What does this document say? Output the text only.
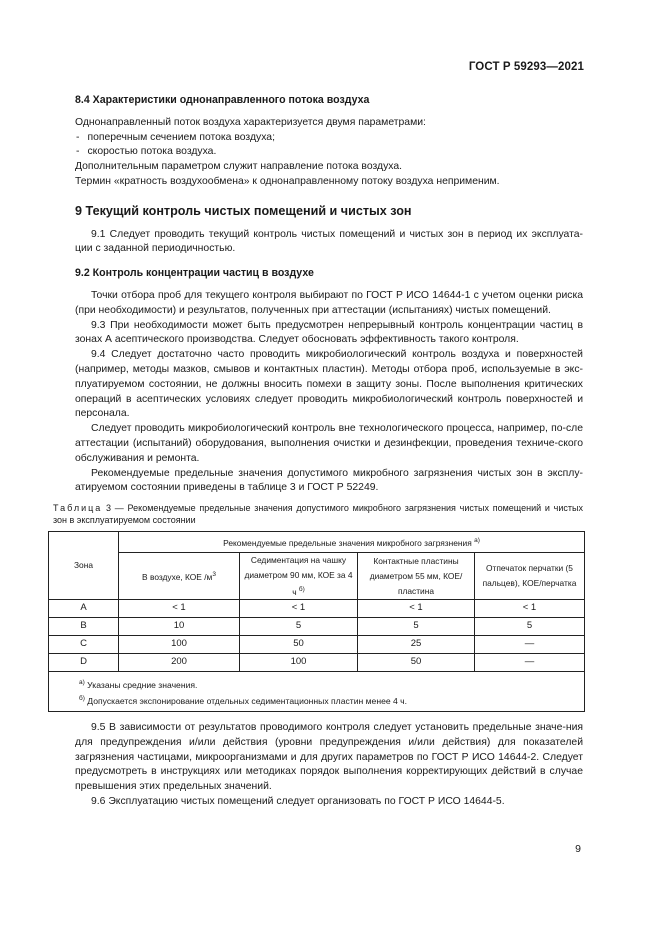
ГОСТ Р 59293—2021

8.4 Характеристики однонаправленного потока воздуха

Однонаправленный поток воздуха характеризуется двумя параметрами:

- поперечным сечением потока воздуха;

- скоростью потока воздуха.

Дополнительным параметром служит направление потока воздуха.

Термин «кратность воздухообмена» к однонаправленному потоку воздуха неприменим.

9 Текущий контроль чистых помещений и чистых зон

9.1 Следует проводить текущий контроль чистых помещений и чистых зон в период их эксплуата-ции с заданной периодичностью.

9.2 Контроль концентрации частиц в воздухе

Точки отбора проб для текущего контроля выбирают по ГОСТ Р ИСО 14644-1 с учетом оценки риска (при необходимости) и результатов, полученных при аттестации (испытаниях) чистых помещений.

9.3 При необходимости может быть предусмотрен непрерывный контроль концентрации частиц в зонах А асептического производства. Следует обосновать эффективность такого контроля.

9.4 Следует достаточно часто проводить микробиологический контроль воздуха и поверхностей (например, методы мазков, смывов и контактных пластин). Методы отбора проб, используемые в экс-плуатируемом состоянии, не должны вносить помехи в защиту зоны. После выполнения критических операций в асептических условиях следует проводить микробиологический контроль поверхностей и персонала.

Следует проводить микробиологический контроль вне технологического процесса, например, по-сле аттестации (испытаний) оборудования, выполнения очистки и дезинфекции, проведения техниче-ского обслуживания и ремонта.

Рекомендуемые предельные значения допустимого микробного загрязнения чистых зон в эксплу-атируемом состоянии приведены в таблице 3 и ГОСТ Р 52249.

Таблица 3 — Рекомендуемые предельные значения допустимого микробного загрязнения чистых помещений и чистых зон в эксплуатируемом состоянии

Зона	Рекомендуемые предельные значения микробного загрязнения $^{а)}$
	В воздухе, КОЕ $/м^3$	Седиментация на чашку диаметром 90 мм, КОЕ за 4 ч $^{б)}$	Контактные пластины диаметром 55 мм, КОЕ/пластина	Отпечаток перчатки (5 пальцев), КОЕ/перчатка
А	< 1	< 1	< 1	< 1
В	10	5	5	5
С	100	50	25	—
D	200	100	50	—

$^{а)}$ Указаны средние значения.
$^{б)}$ Допускается экспонирование отдельных седиментационных пластин менее 4 ч.				

9.5 В зависимости от результатов проводимого контроля следует установить предельные значе-ния для предупреждения и/или действия (уровни предупреждения и/или действия) для показателей загрязнения частицами, микроорганизмами и для других параметров по ГОСТ Р ИСО 14644-2. Следует предусмотреть в инструкциях или методиках порядок выполнения корректирующих действий в случае превышения этих предельных значений.

9.6 Эксплуатацию чистых помещений следует организовать по ГОСТ Р ИСО 14644-5.

9
